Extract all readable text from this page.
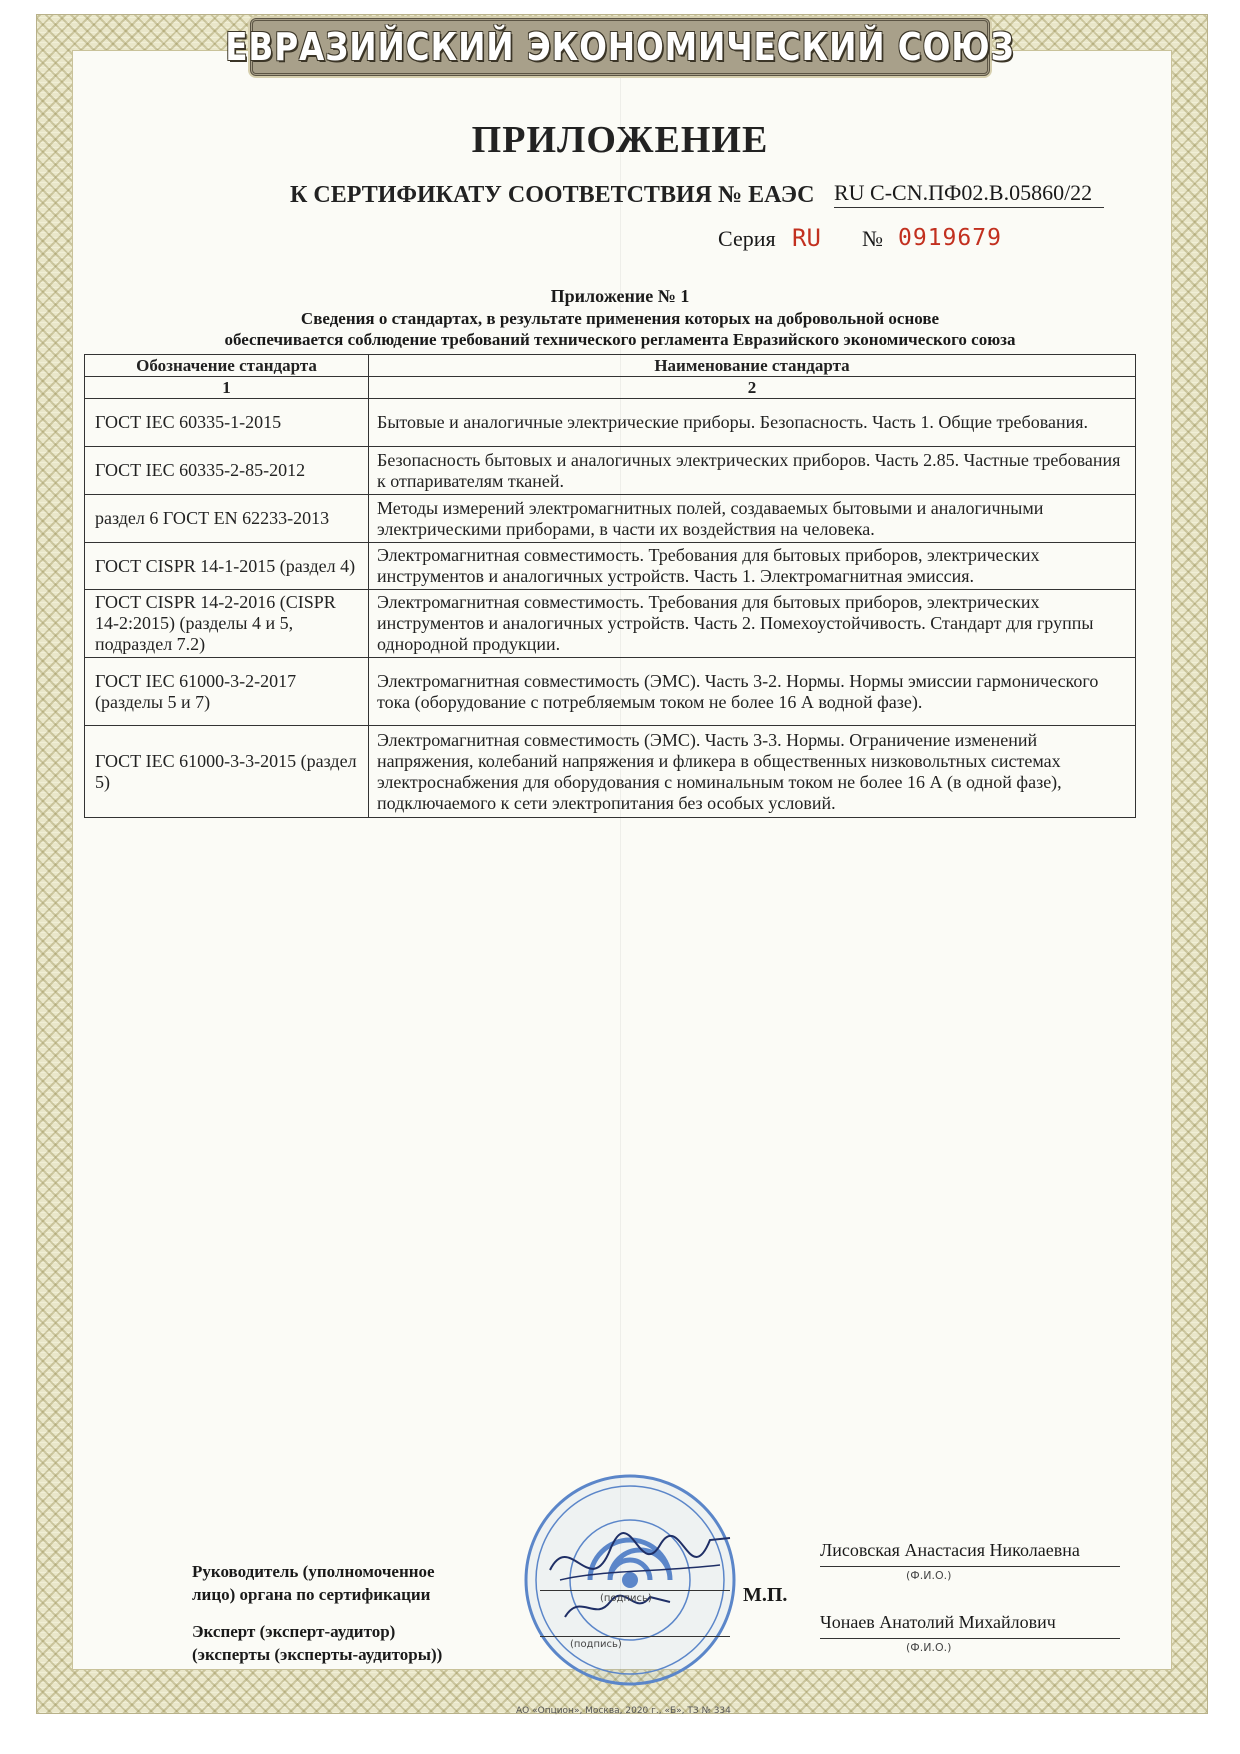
ЕВРАЗИЙСКИЙ ЭКОНОМИЧЕСКИЙ СОЮЗ
ПРИЛОЖЕНИЕ
К СЕРТИФИКАТУ СООТВЕТСТВИЯ № ЕАЭС RU C-CN.ПФ02.В.05860/22
Серия RU № 0919679
Приложение № 1
Сведения о стандартах, в результате применения которых на добровольной основе
обеспечивается соблюдение требований технического регламента Евразийского экономического союза
Обозначение стандарта	Наименование стандарта
1	2
ГОСТ IEC 60335-1-2015	Бытовые и аналогичные электрические приборы. Безопасность. Часть 1. Общие требования.
ГОСТ IEC 60335-2-85-2012	Безопасность бытовых и аналогичных электрических приборов. Часть 2.85. Частные требования к отпаривателям тканей.
раздел 6 ГОСТ EN 62233-2013	Методы измерений электромагнитных полей, создаваемых бытовыми и аналогичными электрическими приборами, в части их воздействия на человека.
ГОСТ CISPR 14-1-2015 (раздел 4)	Электромагнитная совместимость. Требования для бытовых приборов, электрических инструментов и аналогичных устройств. Часть 1. Электромагнитная эмиссия.
ГОСТ CISPR 14-2-2016 (CISPR 14-2:2015) (разделы 4 и 5, подраздел 7.2)	Электромагнитная совместимость. Требования для бытовых приборов, электрических инструментов и аналогичных устройств. Часть 2. Помехоустойчивость. Стандарт для группы однородной продукции.
ГОСТ IEC 61000-3-2-2017 (разделы 5 и 7)	Электромагнитная совместимость (ЭМС). Часть 3-2. Нормы. Нормы эмиссии гармонического тока (оборудование с потребляемым током не более 16 А водной фазе).
ГОСТ IEC 61000-3-3-2015 (раздел 5)	Электромагнитная совместимость (ЭМС). Часть 3-3. Нормы. Ограничение изменений напряжения, колебаний напряжения и фликера в общественных низковольтных системах электроснабжения для оборудования с номинальным током не более 16 А (в одной фазе), подключаемого к сети электропитания без особых условий.
Руководитель (уполномоченное
лицо) органа по сертификации
Эксперт (эксперт-аудитор)
(эксперты (эксперты-аудиторы))
(подпись)
(подпись)
М.П.
Лисовская Анастасия Николаевна
(Ф.И.О.)
Чонаев Анатолий Михайлович
(Ф.И.О.)
АО «Опцион», Москва, 2020 г., «Б», ТЗ № 334
